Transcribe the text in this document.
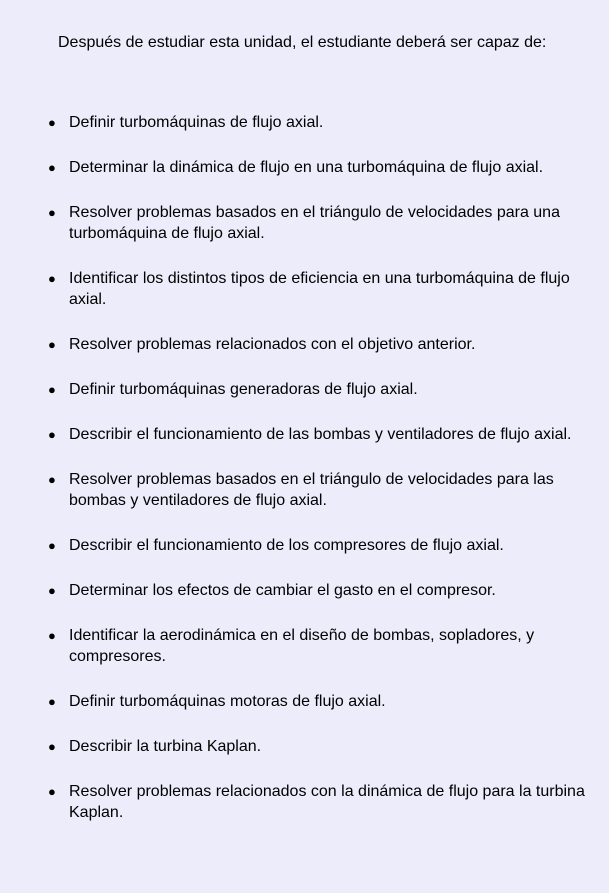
Después de estudiar esta unidad, el estudiante deberá ser capaz de:

● Definir turbomáquinas de flujo axial.
● Determinar la dinámica de flujo en una turbomáquina de flujo axial.
● Resolver problemas basados en el triángulo de velocidades para una turbomáquina de flujo axial.
● Identificar los distintos tipos de eficiencia en una turbomáquina de flujo axial.
● Resolver problemas relacionados con el objetivo anterior.
● Definir turbomáquinas generadoras de flujo axial.
● Describir el funcionamiento de las bombas y ventiladores de flujo axial.
● Resolver problemas basados en el triángulo de velocidades para las bombas y ventiladores de flujo axial.
● Describir el funcionamiento de los compresores de flujo axial.
● Determinar los efectos de cambiar el gasto en el compresor.
● Identificar la aerodinámica en el diseño de bombas, sopladores, y compresores.
● Definir turbomáquinas motoras de flujo axial.
● Describir la turbina Kaplan.
● Resolver problemas relacionados con la dinámica de flujo para la turbina Kaplan.
